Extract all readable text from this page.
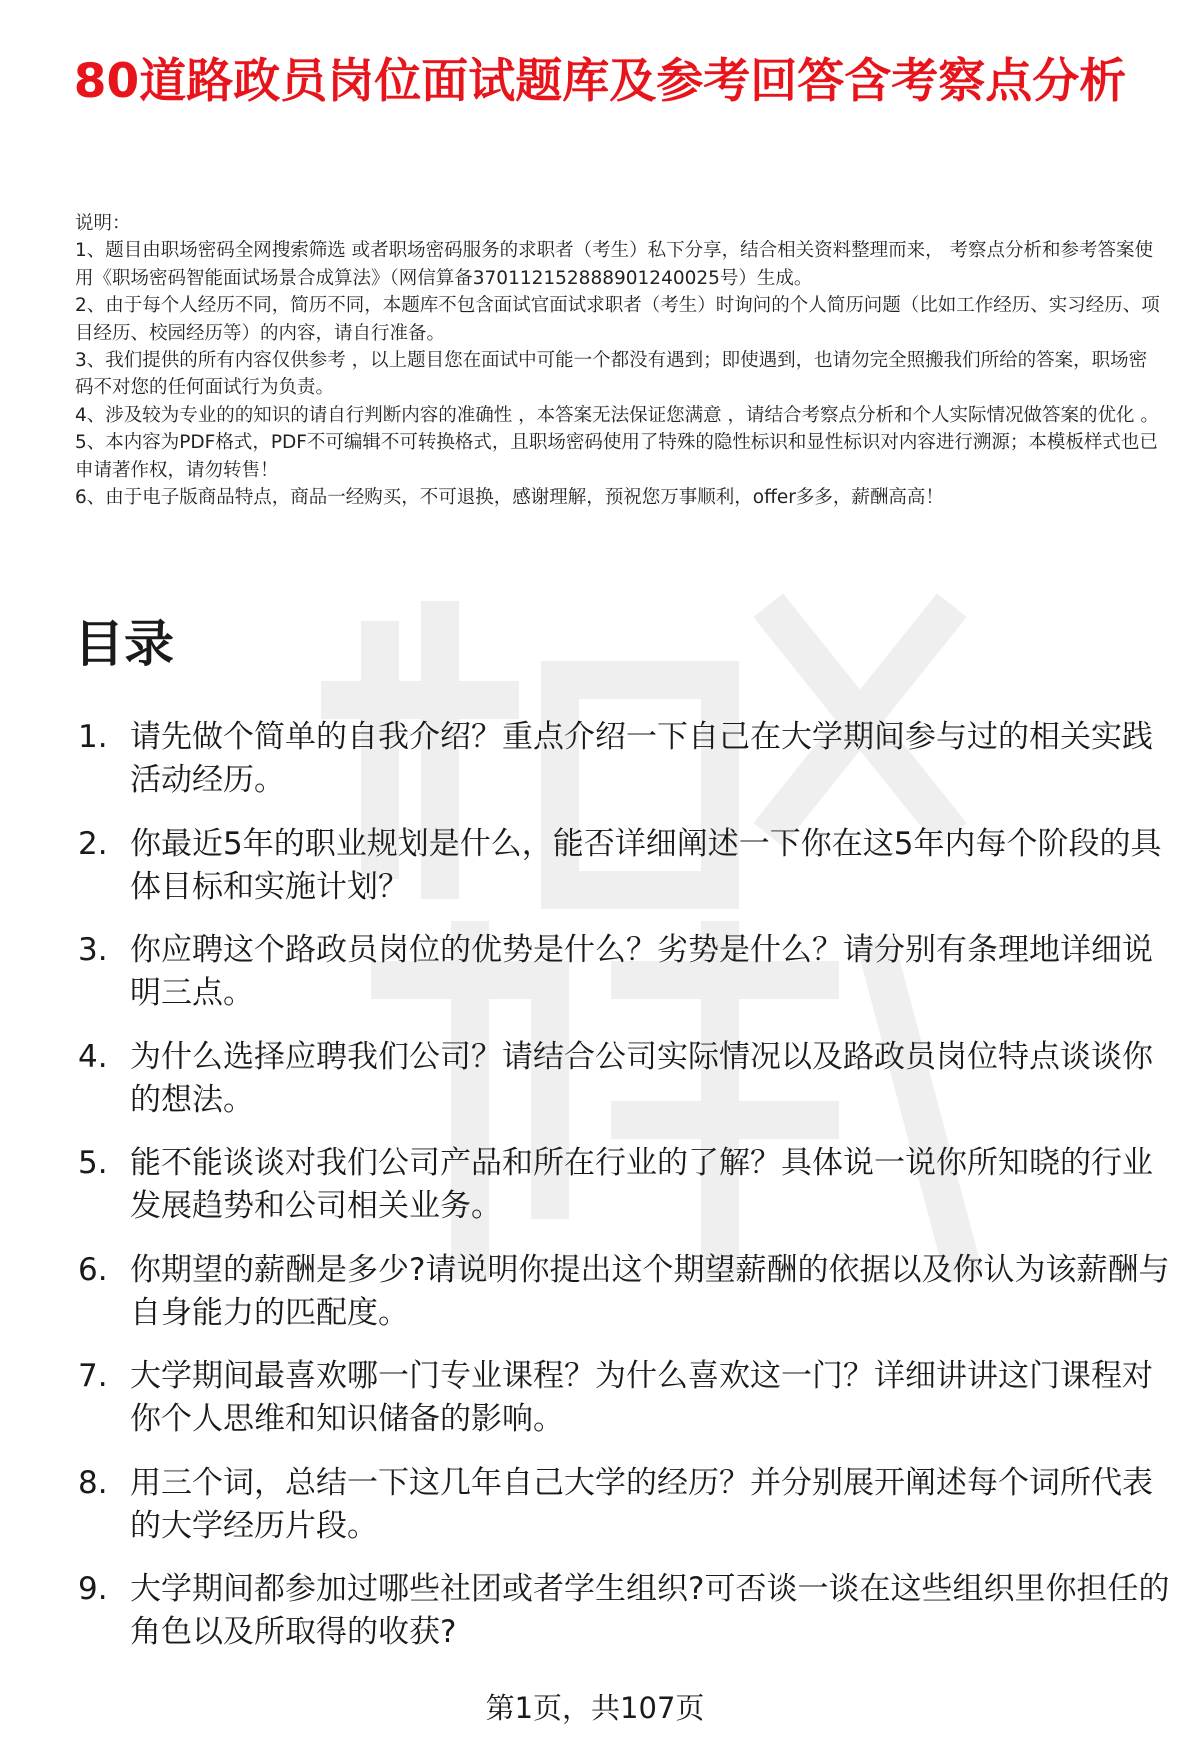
80道路政员岗位面试题库及参考回答含考察点分析

说明：

1、题目由职场密码全网搜索筛选 或者职场密码服务的求职者（考生）私下分享，结合相关资料整理而来， 考察点分析和参考答案使用《职场密码智能面试场景合成算法》（网信算备370112152888901240025号）生成。

2、由于每个人经历不同，简历不同，本题库不包含面试官面试求职者（考生）时询问的个人简历问题（比如工作经历、实习经历、项目经历、校园经历等）的内容，请自行准备。

3、我们提供的所有内容仅供参考 ，以上题目您在面试中可能一个都没有遇到；即使遇到，也请勿完全照搬我们所给的答案，职场密码不对您的任何面试行为负责。

4、涉及较为专业的的知识的请自行判断内容的准确性 ，本答案无法保证您满意 ，请结合考察点分析和个人实际情况做答案的优化 。

5、本内容为PDF格式，PDF不可编辑不可转换格式，且职场密码使用了特殊的隐性标识和显性标识对内容进行溯源；本模板样式也已申请著作权，请勿转售！

6、由于电子版商品特点，商品一经购买，不可退换，感谢理解，预祝您万事顺利，offer多多，薪酬高高！

目录
1. 请先做个简单的自我介绍？重点介绍一下自己在大学期间参与过的相关实践活动经历。
2. 你最近5年的职业规划是什么，能否详细阐述一下你在这5年内每个阶段的具体目标和实施计划？
3. 你应聘这个路政员岗位的优势是什么？劣势是什么？请分别有条理地详细说明三点。
4. 为什么选择应聘我们公司？请结合公司实际情况以及路政员岗位特点谈谈你的想法。
5. 能不能谈谈对我们公司产品和所在行业的了解？具体说一说你所知晓的行业发展趋势和公司相关业务。
6. 你期望的薪酬是多少?请说明你提出这个期望薪酬的依据以及你认为该薪酬与自身能力的匹配度。
7. 大学期间最喜欢哪一门专业课程？为什么喜欢这一门？详细讲讲这门课程对你个人思维和知识储备的影响。
8. 用三个词，总结一下这几年自己大学的经历？并分别展开阐述每个词所代表的大学经历片段。
9. 大学期间都参加过哪些社团或者学生组织?可否谈一谈在这些组织里你担任的角色以及所取得的收获?
第1页，共107页
